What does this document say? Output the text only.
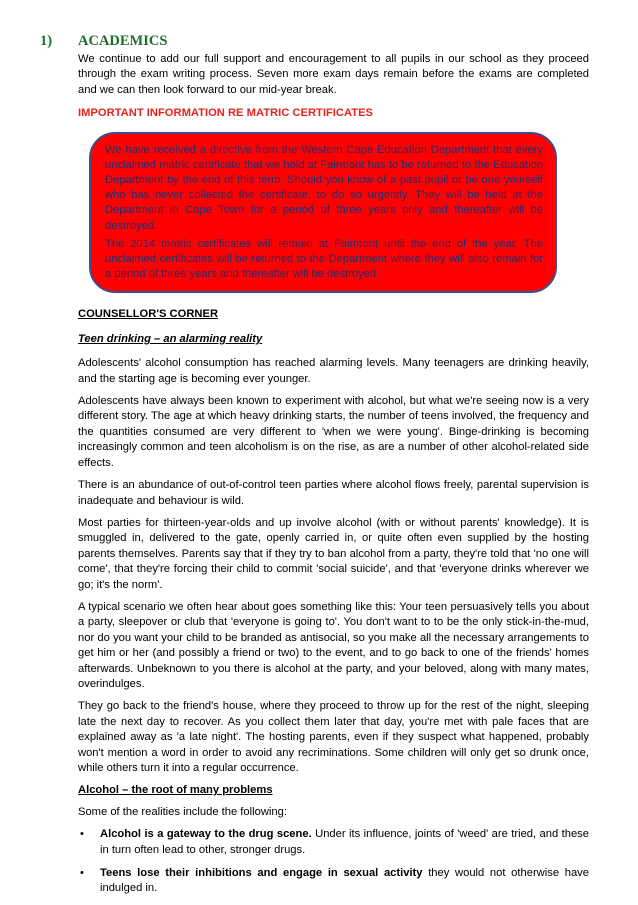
1) ACADEMICS

We continue to add our full support and encouragement to all pupils in our school as they proceed through the exam writing process. Seven more exam days remain before the exams are completed and we can then look forward to our mid-year break.

IMPORTANT INFORMATION RE MATRIC CERTIFICATES

We have received a directive from the Western Cape Education Department that every unclaimed matric certificate that we hold at Fairmont has to be returned to the Education Department by the end of this term. Should you know of a past pupil or be one yourself who has never collected the certificate, to do so urgently. They will be held at the Department in Cape Town for a period of three years only and thereafter will be destroyed.

The 2014 matric certificates will remain at Fairmont until the end of the year. The unclaimed certificates will be returned to the Department where they will also remain for a period of three years and thereafter will be destroyed.

COUNSELLOR'S CORNER
Teen drinking – an alarming reality

Adolescents' alcohol consumption has reached alarming levels. Many teenagers are drinking heavily, and the starting age is becoming ever younger.

Adolescents have always been known to experiment with alcohol, but what we're seeing now is a very different story. The age at which heavy drinking starts, the number of teens involved, the frequency and the quantities consumed are very different to 'when we were young'. Binge-drinking is becoming increasingly common and teen alcoholism is on the rise, as are a number of other alcohol-related side effects.

There is an abundance of out-of-control teen parties where alcohol flows freely, parental supervision is inadequate and behaviour is wild.

Most parties for thirteen-year-olds and up involve alcohol (with or without parents' knowledge). It is smuggled in, delivered to the gate, openly carried in, or quite often even supplied by the hosting parents themselves. Parents say that if they try to ban alcohol from a party, they're told that 'no one will come', that they're forcing their child to commit 'social suicide', and that 'everyone drinks wherever we go; it's the norm'.

A typical scenario we often hear about goes something like this: Your teen persuasively tells you about a party, sleepover or club that 'everyone is going to'. You don't want to to be the only stick-in-the-mud, nor do you want your child to be branded as antisocial, so you make all the necessary arrangements to get him or her (and possibly a friend or two) to the event, and to go back to one of the friends' homes afterwards. Unbeknown to you there is alcohol at the party, and your beloved, along with many mates, overindulges.

They go back to the friend's house, where they proceed to throw up for the rest of the night, sleeping late the next day to recover. As you collect them later that day, you're met with pale faces that are explained away as 'a late night'. The hosting parents, even if they suspect what happened, probably won't mention a word in order to avoid any recriminations. Some children will only get so drunk once, while others turn it into a regular occurrence.

Alcohol – the root of many problems

Some of the realities include the following:

• Alcohol is a gateway to the drug scene. Under its influence, joints of 'weed' are tried, and these in turn often lead to other, stronger drugs.
• Teens lose their inhibitions and engage in sexual activity they would not otherwise have indulged in.
